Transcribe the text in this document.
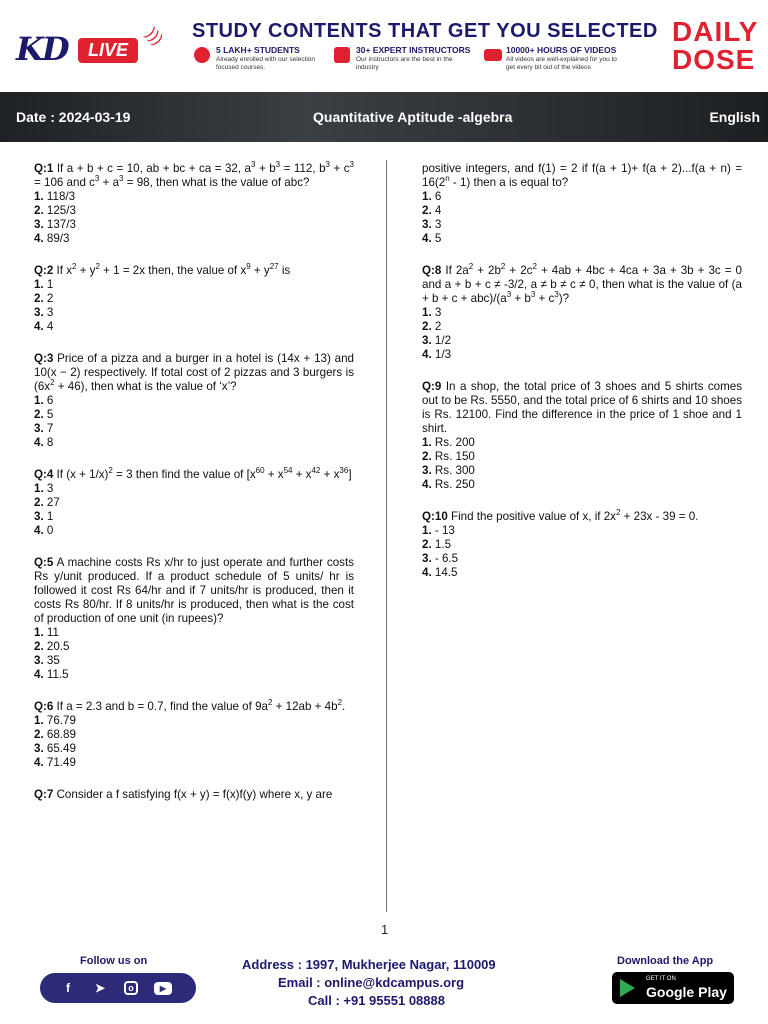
KD	LIVE
))) STUDY CONTENTS THAT GET YOU SELECTED
5 LAKH+ STUDENTS
Already enrolled with our selection focused courses.
30+ EXPERT INSTRUCTORS
Our instructors are the best in the industry
10000+ HOURS OF VIDEOS
All videos are well-explained for you to get every bit out of the videos
DAILY
DOSE
Date : 2024-03-19	Quantitative Aptitude -algebra	English
Q:1 If a + b + c = 10, ab + bc + ca = 32, $a^3 + b^3 = 112$, $b^3 + c^3 = 106$ and $c^3 + a^3 = 98$, then what is the value of abc?
1. 118/3
2. 125/3
3. 137/3
4. 89/3
Q:2 If $x^2 + y^2 + 1 = 2x$ then, the value of $x^9 + y^{27}$ is
1. 1
2. 2
3. 3
4. 4
Q:3 Price of a pizza and a burger in a hotel is (14x + 13) and 10(x − 2) respectively. If total cost of 2 pizzas and 3 burgers is $(6x^2 + 46)$, then what is the value of ‘x’?
1. 6
2. 5
3. 7
4. 8
Q:4 If $(x + 1/x)^2 = 3$ then find the value of $[x^{60} + x^{54} + x^{42} + x^{36}]$
1. 3
2. 27
3. 1
4. 0
Q:5 A machine costs Rs x/hr to just operate and further costs Rs y/unit produced. If a product schedule of 5 units/ hr is followed it cost Rs 64/hr and if 7 units/hr is produced, then it costs Rs 80/hr. If 8 units/hr is produced, then what is the cost of production of one unit (in rupees)?
1. 11
2. 20.5
3. 35
4. 11.5
Q:6 If a = 2.3 and b = 0.7, find the value of $9a^2 + 12ab + 4b^2$.
1. 76.79
2. 68.89
3. 65.49
4. 71.49
Q:7 Consider a f satisfying f(x + y) = f(x)f(y) where x, y are
positive integers, and f(1) = 2 if $f(a + 1)+ f(a + 2)...f(a + n) = 16(2^n - 1)$ then a is equal to?
1. 6
2. 4
3. 3
4. 5
Q:8 If $2a^2 + 2b^2 + 2c^2 + 4ab + 4bc + 4ca + 3a + 3b + 3c = 0$ and a + b + c ≠ -3/2, a ≠ b ≠ c ≠ 0, then what is the value of $(a + b + c + abc)/(a^3 + b^3 + c^3)$?
1. 3
2. 2
3. 1/2
4. 1/3
Q:9 In a shop, the total price of 3 shoes and 5 shirts comes out to be Rs. 5550, and the total price of 6 shirts and 10 shoes is Rs. 12100. Find the difference in the price of 1 shoe and 1 shirt.
1. Rs. 200
2. Rs. 150
3. Rs. 300
4. Rs. 250
Q:10 Find the positive value of x, if $2x^2 + 23x - 39 = 0$.
1. - 13
2. 1.5
3. - 6.5
4. 14.5
1
Follow us on
f	➤	o	▶
Address : 1997, Mukherjee Nagar, 110009
Email : online@kdcampus.org
Call : +91 95551 08888
Download the App
GET IT ON
Google Play
